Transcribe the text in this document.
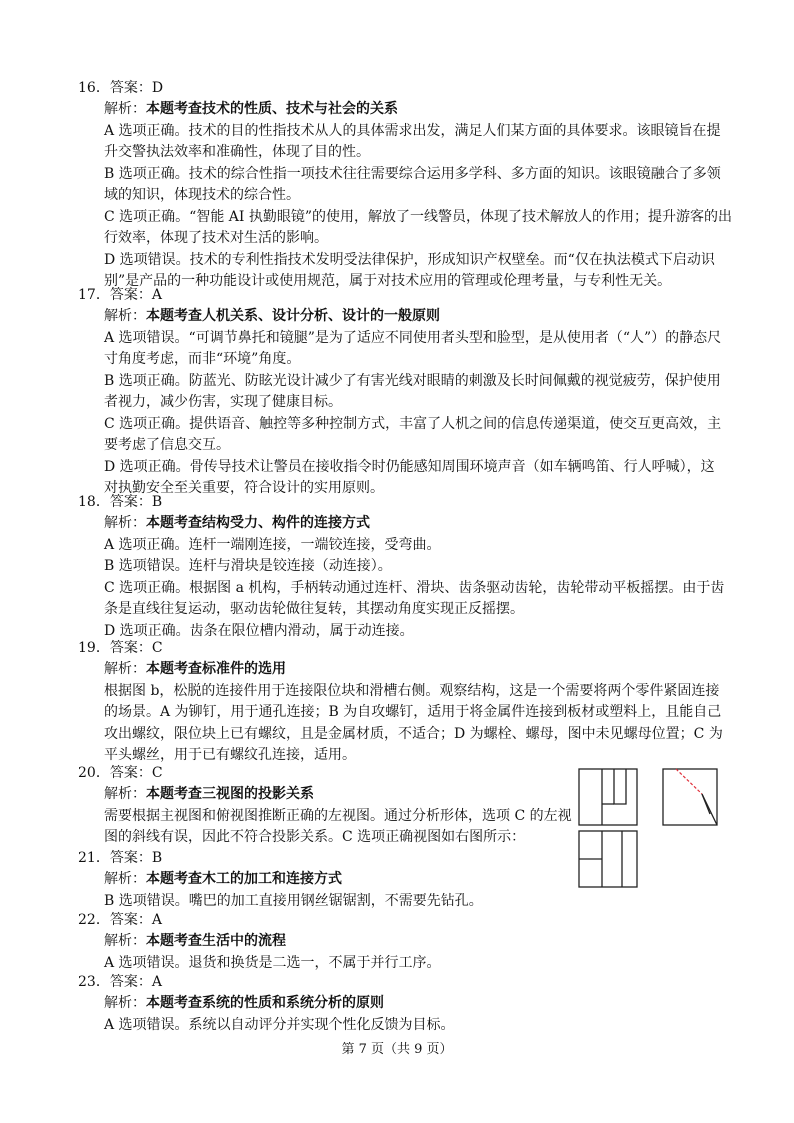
16．答案：D
解析：本题考查技术的性质、技术与社会的关系
A 选项正确。技术的目的性指技术从人的具体需求出发，满足人们某方面的具体要求。该眼镜旨在提
升交警执法效率和准确性，体现了目的性。
B 选项正确。技术的综合性指一项技术往往需要综合运用多学科、多方面的知识。该眼镜融合了多领
域的知识，体现技术的综合性。
C 选项正确。“智能 AI 执勤眼镜”的使用，解放了一线警员，体现了技术解放人的作用；提升游客的出
行效率，体现了技术对生活的影响。
D 选项错误。技术的专利性指技术发明受法律保护，形成知识产权壁垒。而“仅在执法模式下启动识
别”是产品的一种功能设计或使用规范，属于对技术应用的管理或伦理考量，与专利性无关。
17．答案：A
解析：本题考查人机关系、设计分析、设计的一般原则
A 选项错误。“可调节鼻托和镜腿”是为了适应不同使用者头型和脸型，是从使用者（“人”）的静态尺
寸角度考虑，而非“环境”角度。
B 选项正确。防蓝光、防眩光设计减少了有害光线对眼睛的刺激及长时间佩戴的视觉疲劳，保护使用
者视力，减少伤害，实现了健康目标。
C 选项正确。提供语音、触控等多种控制方式，丰富了人机之间的信息传递渠道，使交互更高效，主
要考虑了信息交互。
D 选项正确。骨传导技术让警员在接收指令时仍能感知周围环境声音（如车辆鸣笛、行人呼喊），这
对执勤安全至关重要，符合设计的实用原则。
18．答案：B
解析：本题考查结构受力、构件的连接方式
A 选项正确。连杆一端刚连接，一端铰连接，受弯曲。
B 选项错误。连杆与滑块是铰连接（动连接）。
C 选项正确。根据图 a 机构，手柄转动通过连杆、滑块、齿条驱动齿轮，齿轮带动平板摇摆。由于齿
条是直线往复运动，驱动齿轮做往复转，其摆动角度实现正反摇摆。
D 选项正确。齿条在限位槽内滑动，属于动连接。
19．答案：C
解析：本题考查标准件的选用
根据图 b，松脱的连接件用于连接限位块和滑槽右侧。观察结构，这是一个需要将两个零件紧固连接
的场景。A 为铆钉，用于通孔连接；B 为自攻螺钉，适用于将金属件连接到板材或塑料上，且能自己
攻出螺纹，限位块上已有螺纹，且是金属材质，不适合；D 为螺栓、螺母，图中未见螺母位置；C 为
平头螺丝，用于已有螺纹孔连接，适用。
20．答案：C
解析：本题考查三视图的投影关系
需要根据主视图和俯视图推断正确的左视图。通过分析形体，选项 C 的左视
图的斜线有误，因此不符合投影关系。C 选项正确视图如右图所示：
21．答案：B
解析：本题考查木工的加工和连接方式
B 选项错误。嘴巴的加工直接用钢丝锯锯割，不需要先钻孔。
22．答案：A
解析：本题考查生活中的流程
A 选项错误。退货和换货是二选一，不属于并行工序。
23．答案：A
解析：本题考查系统的性质和系统分析的原则
A 选项错误。系统以自动评分并实现个性化反馈为目标。
第 7 页（共 9 页）
